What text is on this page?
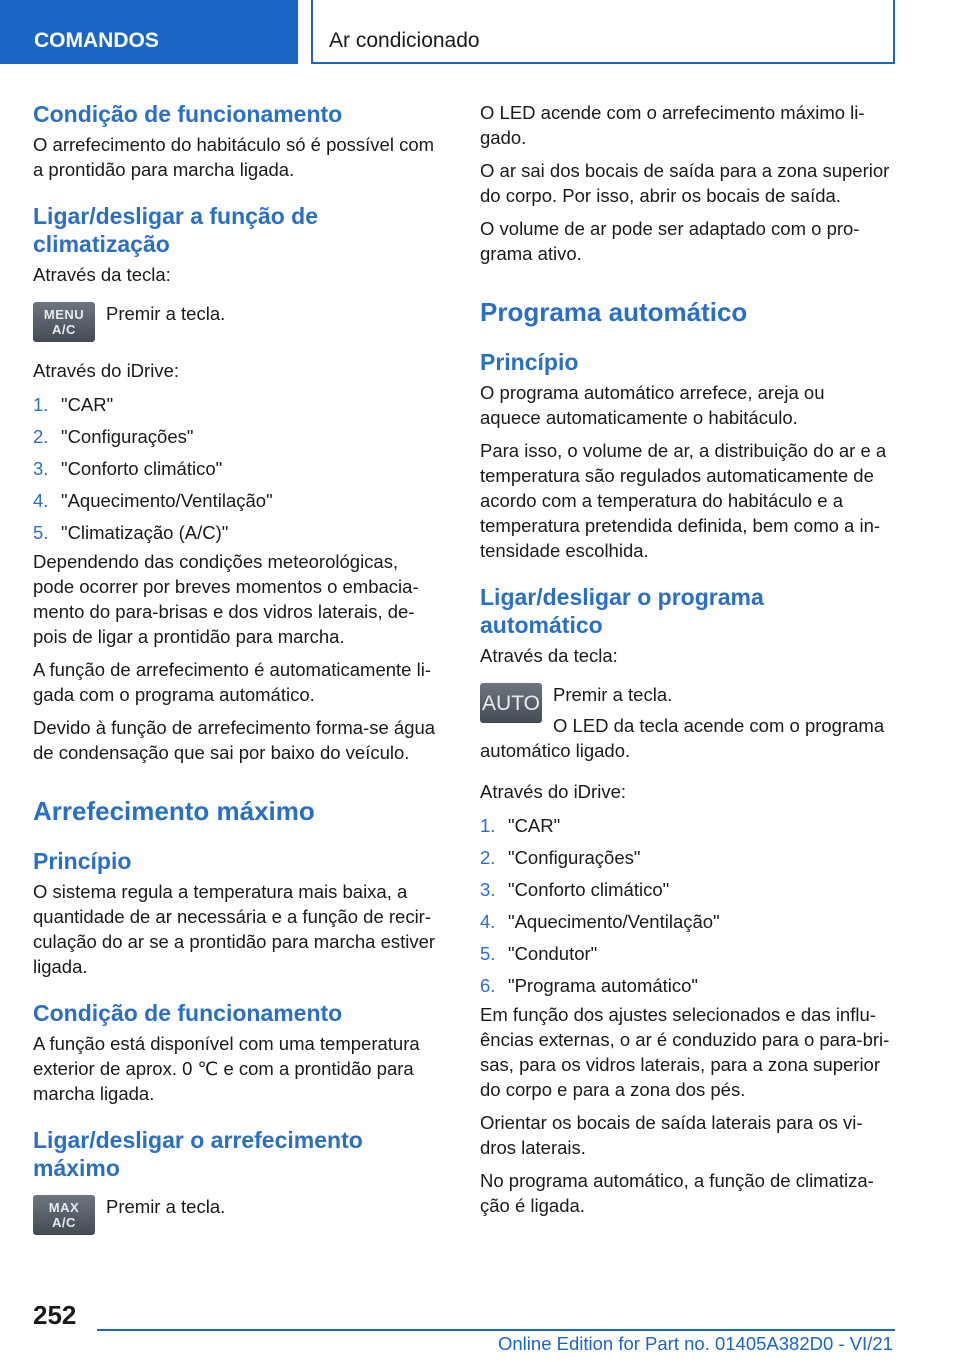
COMANDOS	Ar condicionado
Condição de funcionamento

O arrefecimento do habitáculo só é possível com
a prontidão para marcha ligada.

Ligar/desligar a função de
climatização

Através da tecla:

MENU
A/C

Premir a tecla.

Através do iDrive:

1. "CAR"
2. "Configurações"
3. "Conforto climático"
4. "Aquecimento/Ventilação"
5. "Climatização (A/C)"

Dependendo das condições meteorológicas,
pode ocorrer por breves momentos o embacia-
mento do para-brisas e dos vidros laterais, de-
pois de ligar a prontidão para marcha.

A função de arrefecimento é automaticamente li-
gada com o programa automático.

Devido à função de arrefecimento forma-se água
de condensação que sai por baixo do veículo.

Arrefecimento máximo
Princípio

O sistema regula a temperatura mais baixa, a
quantidade de ar necessária e a função de recir-
culação do ar se a prontidão para marcha estiver
ligada.

Condição de funcionamento

A função está disponível com uma temperatura
exterior de aprox. 0 ℃ e com a prontidão para
marcha ligada.

Ligar/desligar o arrefecimento
máximo
MAX
A/C

Premir a tecla.

O LED acende com o arrefecimento máximo li-
gado.

O ar sai dos bocais de saída para a zona superior
do corpo. Por isso, abrir os bocais de saída.

O volume de ar pode ser adaptado com o pro-
grama ativo.

Programa automático
Princípio

O programa automático arrefece, areja ou
aquece automaticamente o habitáculo.

Para isso, o volume de ar, a distribuição do ar e a
temperatura são regulados automaticamente de
acordo com a temperatura do habitáculo e a
temperatura pretendida definida, bem como a in-
tensidade escolhida.

Ligar/desligar o programa
automático

Através da tecla:

AUTO Premir a tecla.

O LED da tecla acende com o programa

automático ligado.

Através do iDrive:

1. "CAR"
2. "Configurações"
3. "Conforto climático"
4. "Aquecimento/Ventilação"
5. "Condutor"
6. "Programa automático"

Em função dos ajustes selecionados e das influ-
ências externas, o ar é conduzido para o para-bri-
sas, para os vidros laterais, para a zona superior
do corpo e para a zona dos pés.

Orientar os bocais de saída laterais para os vi-
dros laterais.

No programa automático, a função de climatiza-
ção é ligada.

252
Online Edition for Part no. 01405A382D0 - VI/21
